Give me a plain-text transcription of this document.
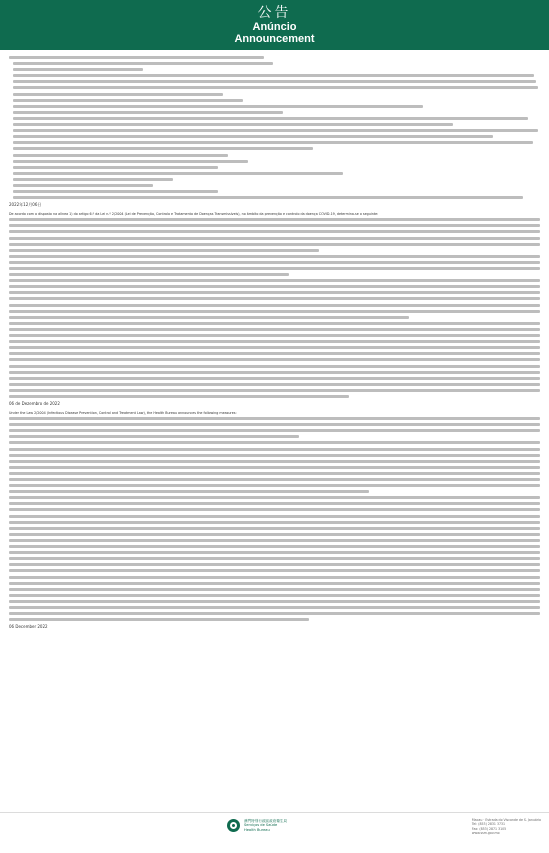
公告
Anúncio
Announcement
2022年12月06日

De acordo com o disposto na alínea 1) do artigo 6.º da Lei n.º 2/2004 (Lei de Prevenção, Controlo e Tratamento de Doenças Transmissíveis), no âmbito da prevenção e controlo da doença COVID-19, determina-se o seguinte:

06 de Dezembro de 2022

Under the Law 2/2004 (Infectious Disease Prevention, Control and Treatment Law), the Health Bureau announces the following measures:

06 December 2022
澳門特別行政區政府衛生局
Serviços de Saúde
Health Bureau
Macau · Estrada do Visconde de S. Januário
Tel: (853) 2831 3731
Fax: (853) 2871 3105
www.ssm.gov.mo
